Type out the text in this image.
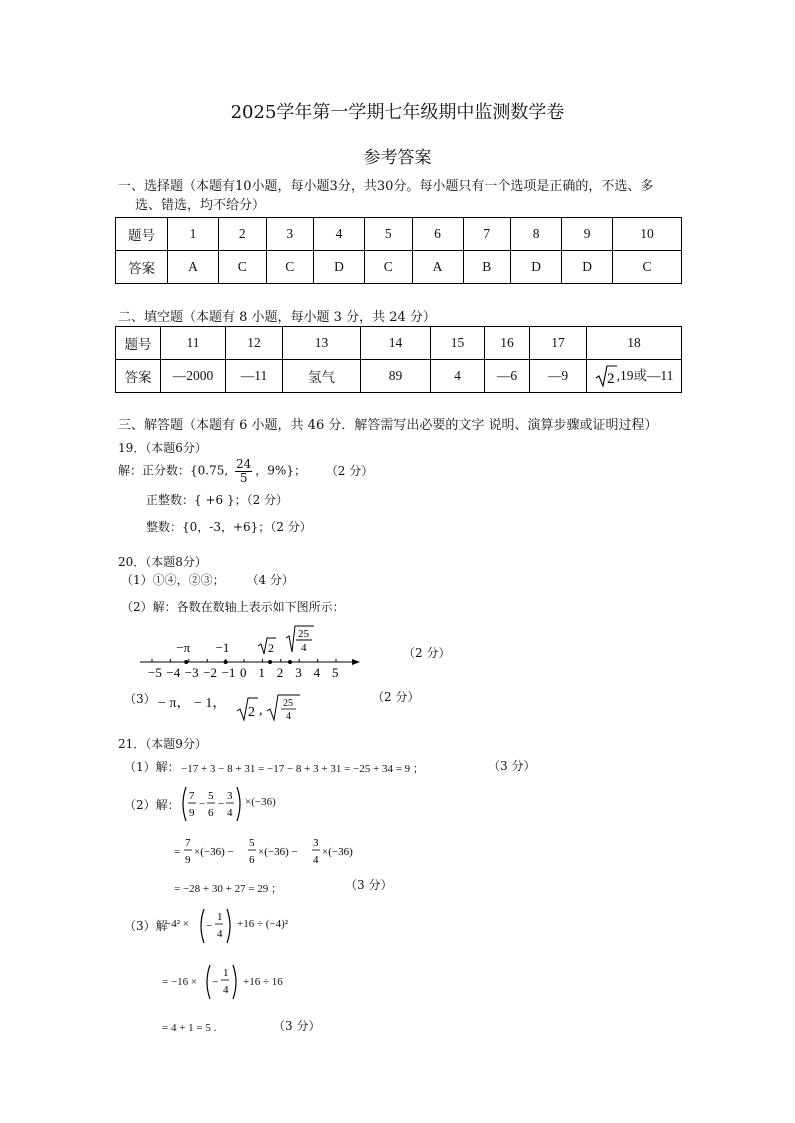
2025学年第一学期七年级期中监测数学卷
参考答案
一、选择题（本题有10小题，每小题3分，共30分。每小题只有一个选项是正确的，不选、多
选、错选，均不给分）
题号	1	2	3	4	5	6	7	8	9	10
答案	A	C	C	D	C	A	B	D	D	C
二、填空题（本题有 8 小题，每小题 3 分，共 24 分）
题号	11	12	13	14	15	16	17	18
答案	—2000	—11	氢气	89	4	—6	—9	2 ,19或—11
三、解答题（本题有 6 小题，共 46 分．解答需写出必要的文字 说明、演算步骤或证明过程）
19．（本题6分）
解：正分数：{0.75, $\frac{24}{5}$ ，9%}； （2 分）
正整数：{ +6 }；（2 分）
整数：{0，-3，+6}；（2 分）
20．（本题8分）
（1）①④，②③； （4 分）
（2）解：各数在数轴上表示如下图所示：
−5 −4 −3 −2 −1 0 1 2 3 4 5
−π −1	2
25
4	（2 分）
（3） − π， − 1，
2 , 25
4
（2 分）
21．（本题9分）
（1）解： −17 + 3 − 8 + 31 = −17 − 8 + 3 + 31 = −25 + 34 = 9 ；	（3 分）
（2）解：
7
9
−
5
6
−
3
4
×(−36)
=
7
9
×(−36) −
5
6
×(−36) −
3
4
×(−36)
= −28 + 30 + 27 = 29 ；	（3 分）
（3）解
−4² × −
1
4
+16 ÷ (−4)²
= −16 × −
1
4
+16 ÷ 16
= 4 + 1 = 5 .	（3 分）
